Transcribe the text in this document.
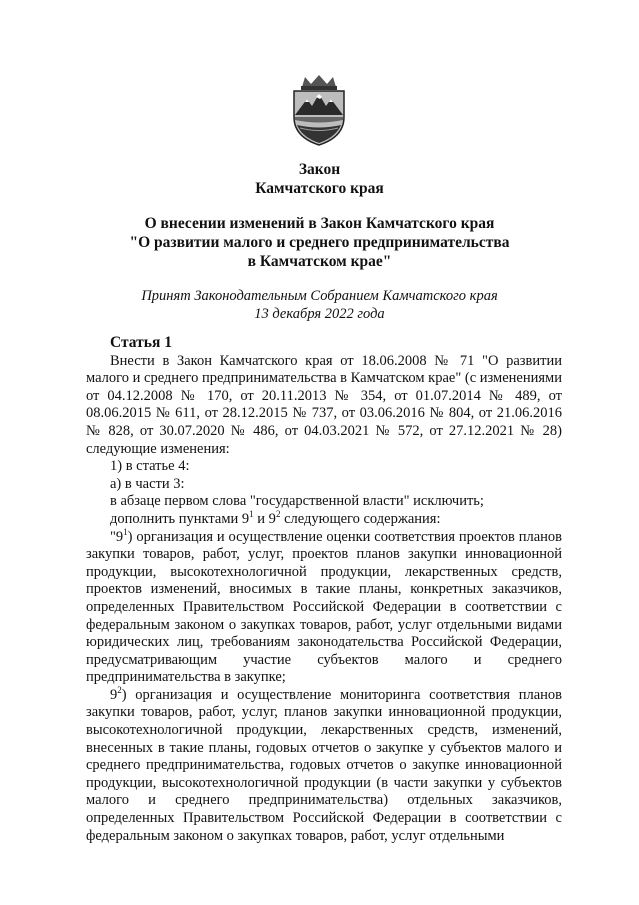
Закон
Камчатского края
О внесении изменений в Закон Камчатского края
"О развитии малого и среднего предпринимательства
в Камчатском крае"
Принят Законодательным Собранием Камчатского края
13 декабря 2022 года
Статья 1

Внести в Закон Камчатского края от 18.06.2008 № 71 "О развитии малого и среднего предпринимательства в Камчатском крае" (с изменениями от 04.12.2008 № 170, от 20.11.2013 № 354, от 01.07.2014 № 489, от 08.06.2015 № 611, от 28.12.2015 № 737, от 03.06.2016 № 804, от 21.06.2016 № 828, от 30.07.2020 № 486, от 04.03.2021 № 572, от 27.12.2021 № 28) следующие изменения:

1) в статье 4:

а) в части 3:

в абзаце первом слова "государственной власти" исключить;

дополнить пунктами $9^1$ и $9^2$ следующего содержания:

"$9^1$) организация и осуществление оценки соответствия проектов планов закупки товаров, работ, услуг, проектов планов закупки инновационной продукции, высокотехнологичной продукции, лекарственных средств, проектов изменений, вносимых в такие планы, конкретных заказчиков, определенных Правительством Российской Федерации в соответствии с федеральным законом о закупках товаров, работ, услуг отдельными видами юридических лиц, требованиям законодательства Российской Федерации, предусматривающим участие субъектов малого и среднего предпринимательства в закупке;

$9^2$) организация и осуществление мониторинга соответствия планов закупки товаров, работ, услуг, планов закупки инновационной продукции, высокотехнологичной продукции, лекарственных средств, изменений, внесенных в такие планы, годовых отчетов о закупке у субъектов малого и среднего предпринимательства, годовых отчетов о закупке инновационной продукции, высокотехнологичной продукции (в части закупки у субъектов малого и среднего предпринимательства) отдельных заказчиков, определенных Правительством Российской Федерации в соответствии с федеральным законом о закупках товаров, работ, услуг отдельными
